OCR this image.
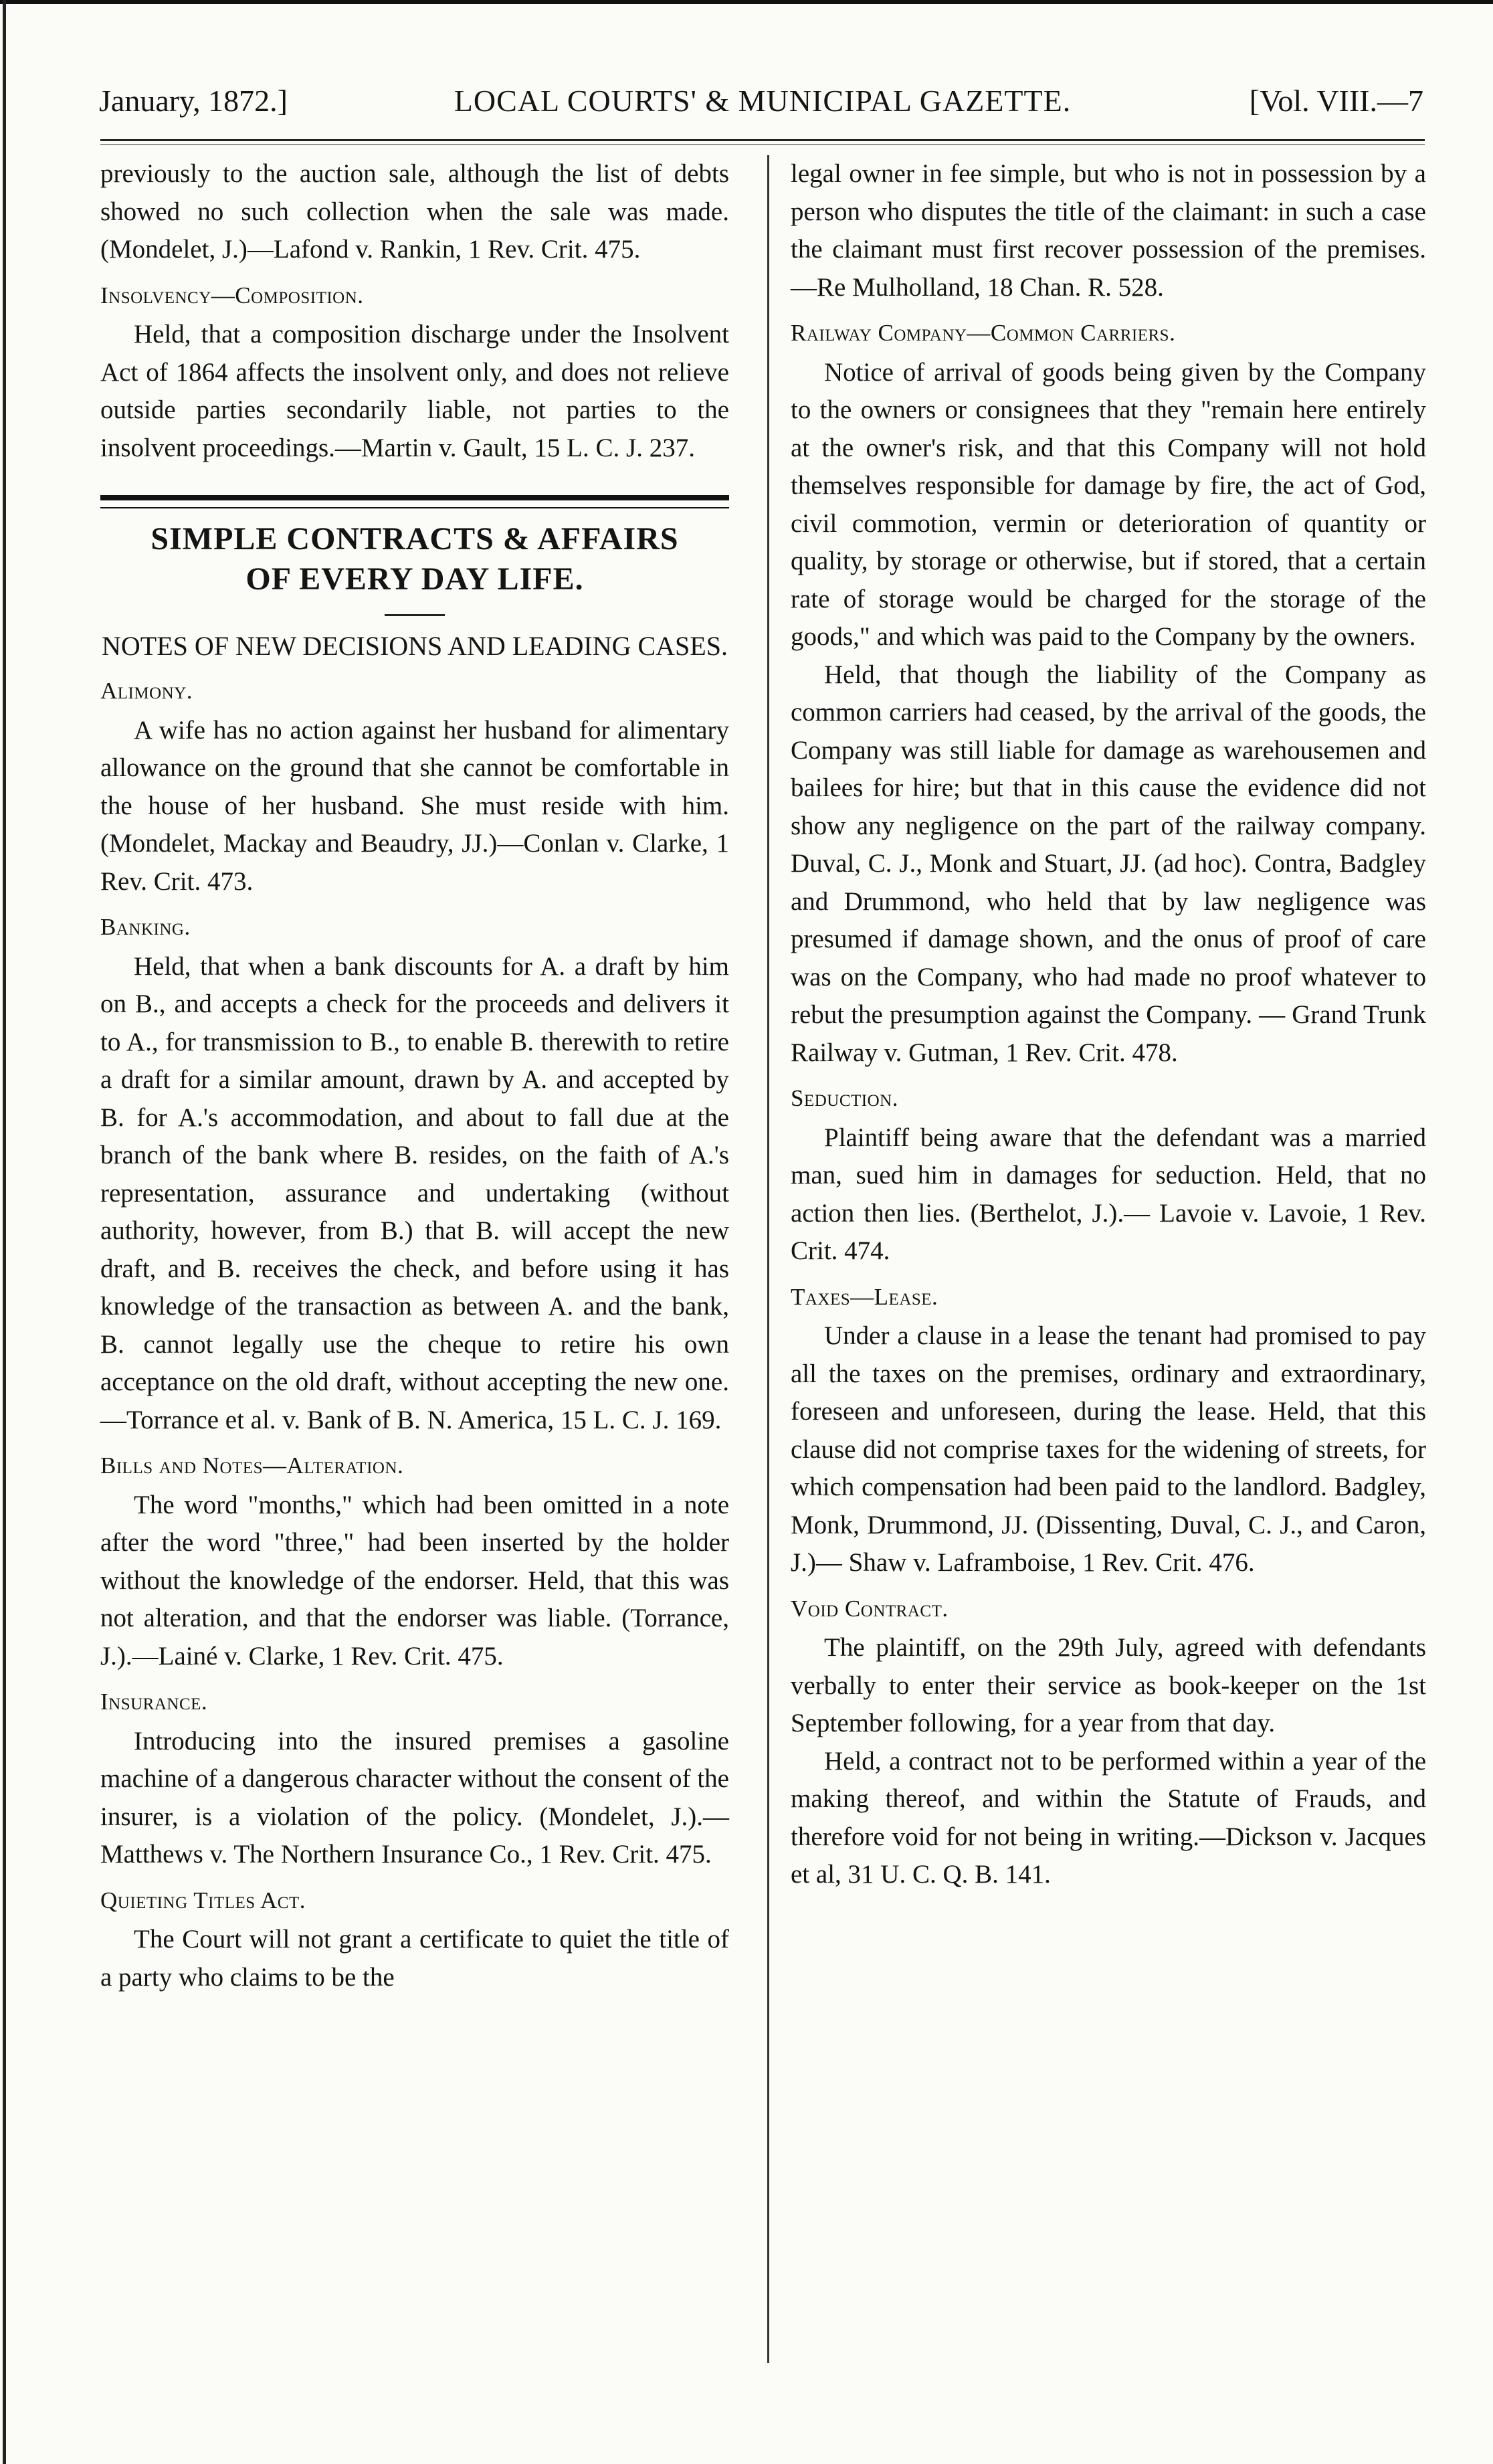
January, 1872.]	LOCAL COURTS' & MUNICIPAL GAZETTE.	[Vol. VIII.—7

previously to the auction sale, although the list of debts showed no such collection when the sale was made. (Mondelet, J.)—Lafond v. Rankin, 1 Rev. Crit. 475.

Insolvency—Composition.

Held, that a composition discharge under the Insolvent Act of 1864 affects the insolvent only, and does not relieve outside parties secondarily liable, not parties to the insolvent proceedings.—Martin v. Gault, 15 L. C. J. 237.

SIMPLE CONTRACTS & AFFAIRS
OF EVERY DAY LIFE.
NOTES OF NEW DECISIONS AND LEADING CASES.
Alimony.

A wife has no action against her husband for alimentary allowance on the ground that she cannot be comfortable in the house of her husband. She must reside with him. (Mondelet, Mackay and Beaudry, JJ.)—Conlan v. Clarke, 1 Rev. Crit. 473.

Banking.

Held, that when a bank discounts for A. a draft by him on B., and accepts a check for the proceeds and delivers it to A., for transmission to B., to enable B. therewith to retire a draft for a similar amount, drawn by A. and accepted by B. for A.'s accommodation, and about to fall due at the branch of the bank where B. resides, on the faith of A.'s representation, assurance and undertaking (without authority, however, from B.) that B. will accept the new draft, and B. receives the check, and before using it has knowledge of the transaction as between A. and the bank, B. cannot legally use the cheque to retire his own acceptance on the old draft, without accepting the new one.—Torrance et al. v. Bank of B. N. America, 15 L. C. J. 169.

Bills and Notes—Alteration.

The word "months," which had been omitted in a note after the word "three," had been inserted by the holder without the knowledge of the endorser. Held, that this was not alteration, and that the endorser was liable. (Torrance, J.).—Lainé v. Clarke, 1 Rev. Crit. 475.

Insurance.

Introducing into the insured premises a gasoline machine of a dangerous character without the consent of the insurer, is a violation of the policy. (Mondelet, J.).—Matthews v. The Northern Insurance Co., 1 Rev. Crit. 475.

Quieting Titles Act.

The Court will not grant a certificate to quiet the title of a party who claims to be the

legal owner in fee simple, but who is not in possession by a person who disputes the title of the claimant: in such a case the claimant must first recover possession of the premises. —Re Mulholland, 18 Chan. R. 528.

Railway Company—Common Carriers.

Notice of arrival of goods being given by the Company to the owners or consignees that they "remain here entirely at the owner's risk, and that this Company will not hold themselves responsible for damage by fire, the act of God, civil commotion, vermin or deterioration of quantity or quality, by storage or otherwise, but if stored, that a certain rate of storage would be charged for the storage of the goods," and which was paid to the Company by the owners.

Held, that though the liability of the Company as common carriers had ceased, by the arrival of the goods, the Company was still liable for damage as warehousemen and bailees for hire; but that in this cause the evidence did not show any negligence on the part of the railway company. Duval, C. J., Monk and Stuart, JJ. (ad hoc). Contra, Badgley and Drummond, who held that by law negligence was presumed if damage shown, and the onus of proof of care was on the Company, who had made no proof whatever to rebut the presumption against the Company. — Grand Trunk Railway v. Gutman, 1 Rev. Crit. 478.

Seduction.

Plaintiff being aware that the defendant was a married man, sued him in damages for seduction. Held, that no action then lies. (Berthelot, J.).— Lavoie v. Lavoie, 1 Rev. Crit. 474.

Taxes—Lease.

Under a clause in a lease the tenant had promised to pay all the taxes on the premises, ordinary and extraordinary, foreseen and unforeseen, during the lease. Held, that this clause did not comprise taxes for the widening of streets, for which compensation had been paid to the landlord. Badgley, Monk, Drummond, JJ. (Dissenting, Duval, C. J., and Caron, J.)— Shaw v. Laframboise, 1 Rev. Crit. 476.

Void Contract.

The plaintiff, on the 29th July, agreed with defendants verbally to enter their service as book-keeper on the 1st September following, for a year from that day.

Held, a contract not to be performed within a year of the making thereof, and within the Statute of Frauds, and therefore void for not being in writing.—Dickson v. Jacques et al, 31 U. C. Q. B. 141.
